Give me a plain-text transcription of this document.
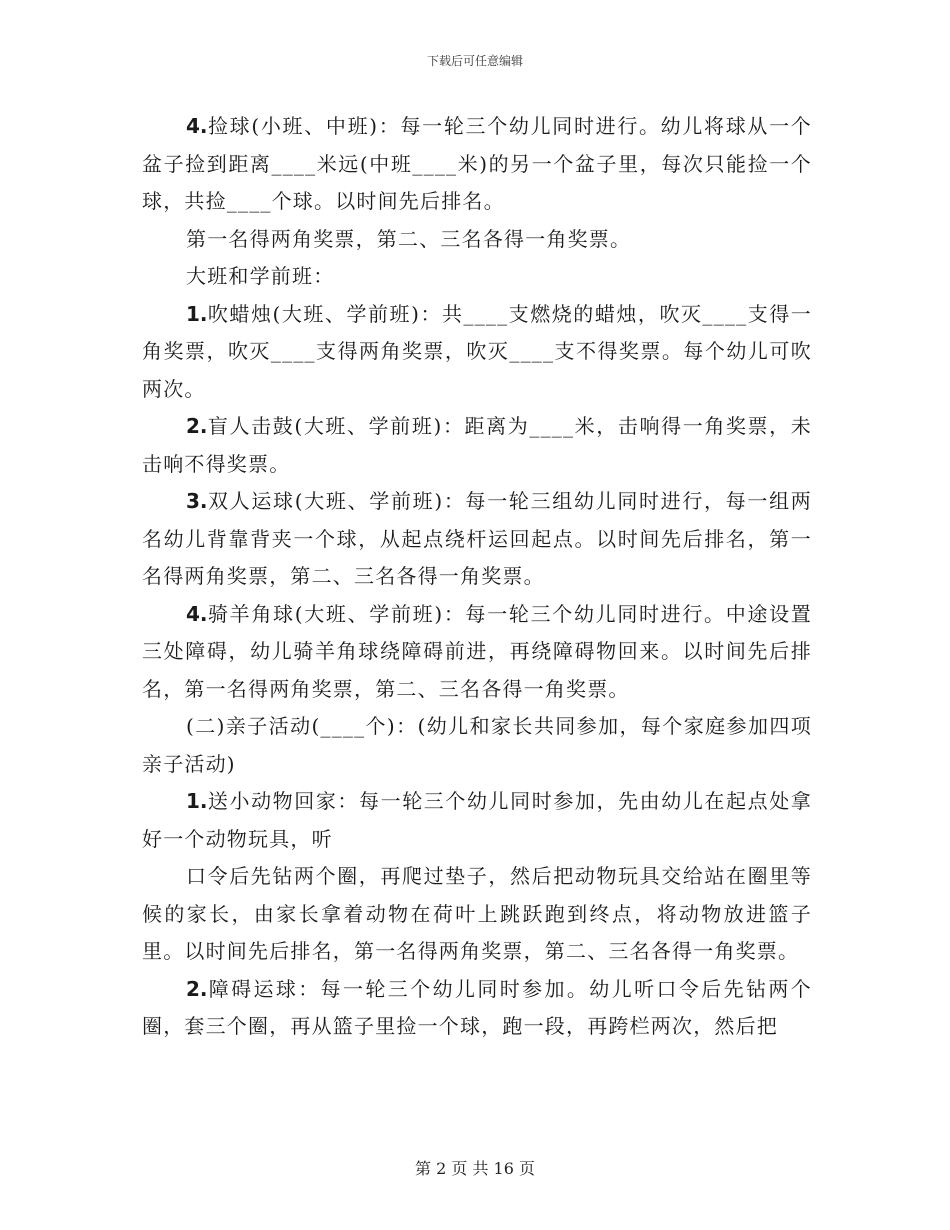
下载后可任意编辑

4.捡球(小班、中班)：每一轮三个幼儿同时进行。幼儿将球从一个盆子捡到距离____米远(中班____米)的另一个盆子里，每次只能捡一个球，共捡____个球。以时间先后排名。

第一名得两角奖票，第二、三名各得一角奖票。

大班和学前班：

1.吹蜡烛(大班、学前班)：共____支燃烧的蜡烛，吹灭____支得一角奖票，吹灭____支得两角奖票，吹灭____支不得奖票。每个幼儿可吹两次。

2.盲人击鼓(大班、学前班)：距离为____米，击响得一角奖票，未击响不得奖票。

3.双人运球(大班、学前班)：每一轮三组幼儿同时进行，每一组两名幼儿背靠背夹一个球，从起点绕杆运回起点。以时间先后排名，第一名得两角奖票，第二、三名各得一角奖票。

4.骑羊角球(大班、学前班)：每一轮三个幼儿同时进行。中途设置三处障碍，幼儿骑羊角球绕障碍前进，再绕障碍物回来。以时间先后排名，第一名得两角奖票，第二、三名各得一角奖票。

(二)亲子活动(____个)：(幼儿和家长共同参加，每个家庭参加四项亲子活动)

1.送小动物回家：每一轮三个幼儿同时参加，先由幼儿在起点处拿好一个动物玩具，听

口令后先钻两个圈，再爬过垫子，然后把动物玩具交给站在圈里等候的家长，由家长拿着动物在荷叶上跳跃跑到终点，将动物放进篮子里。以时间先后排名，第一名得两角奖票，第二、三名各得一角奖票。

2.障碍运球：每一轮三个幼儿同时参加。幼儿听口令后先钻两个圈，套三个圈，再从篮子里捡一个球，跑一段，再跨栏两次，然后把

第 2 页 共 16 页
